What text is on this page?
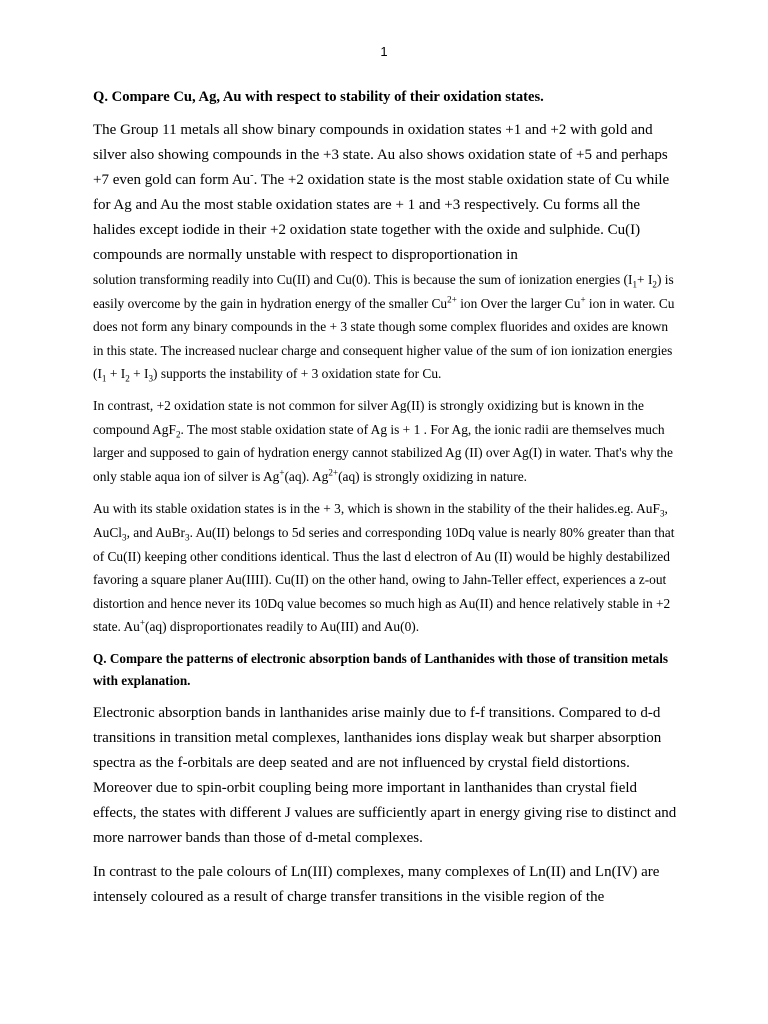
1
Q. Compare Cu, Ag, Au with respect to stability of their oxidation states.

The Group 11 metals all show binary compounds in oxidation states +1 and +2 with gold and silver also showing compounds in the +3 state. Au also shows oxidation state of +5 and perhaps +7 even gold can form Au-. The +2 oxidation state is the most stable oxidation state of Cu while for Ag and Au the most stable oxidation states are + 1 and +3 respectively. Cu forms all the halides except iodide in their +2 oxidation state together with the oxide and sulphide. Cu(I) compounds are normally unstable with respect to disproportionation in

solution transforming readily into Cu(II) and Cu(0). This is because the sum of ionization energies $(I_1+ I_2)$ is easily overcome by the gain in hydration energy of the smaller $Cu^{2+}$ ion Over the larger Cu+ ion in water. Cu does not form any binary compounds in the + 3 state though some complex fluorides and oxides are known in this state. The increased nuclear charge and consequent higher value of the sum of ion ionization energies $(I_1 + I_2 + I_3)$ supports the instability of + 3 oxidation state for Cu.

In contrast, +2 oxidation state is not common for silver Ag(II) is strongly oxidizing but is known in the compound AgF$_2$. The most stable oxidation state of Ag is + 1 . For Ag, the ionic radii are themselves much larger and supposed to gain of hydration energy cannot stabilized Ag (II) over Ag(I) in water. That's why the only stable aqua ion of silver is Ag+(aq). $Ag^{2+}(aq)$ is strongly oxidizing in nature.

Au with its stable oxidation states is in the + 3, which is shown in the stability of the their halides.eg. AuF$_3$, AuCl$_3$, and AuBr$_3$. Au(II) belongs to 5d series and corresponding 10Dq value is nearly 80% greater than that of Cu(II) keeping other conditions identical. Thus the last d electron of Au (II) would be highly destabilized favoring a square planer Au(IIII). Cu(II) on the other hand, owing to Jahn-Teller effect, experiences a z-out distortion and hence never its 10Dq value becomes so much high as Au(II) and hence relatively stable in +2 state. Au+(aq) disproportionates readily to Au(III) and Au(0).

Q. Compare the patterns of electronic absorption bands of Lanthanides with those of transition metals with explanation.

Electronic absorption bands in lanthanides arise mainly due to f-f transitions. Compared to d-d transitions in transition metal complexes, lanthanides ions display weak but sharper absorption spectra as the f-orbitals are deep seated and are not influenced by crystal field distortions. Moreover due to spin-orbit coupling being more important in lanthanides than crystal field effects, the states with different J values are sufficiently apart in energy giving rise to distinct and more narrower bands than those of d-metal complexes.

In contrast to the pale colours of Ln(III) complexes, many complexes of Ln(II) and Ln(IV) are intensely coloured as a result of charge transfer transitions in the visible region of the
